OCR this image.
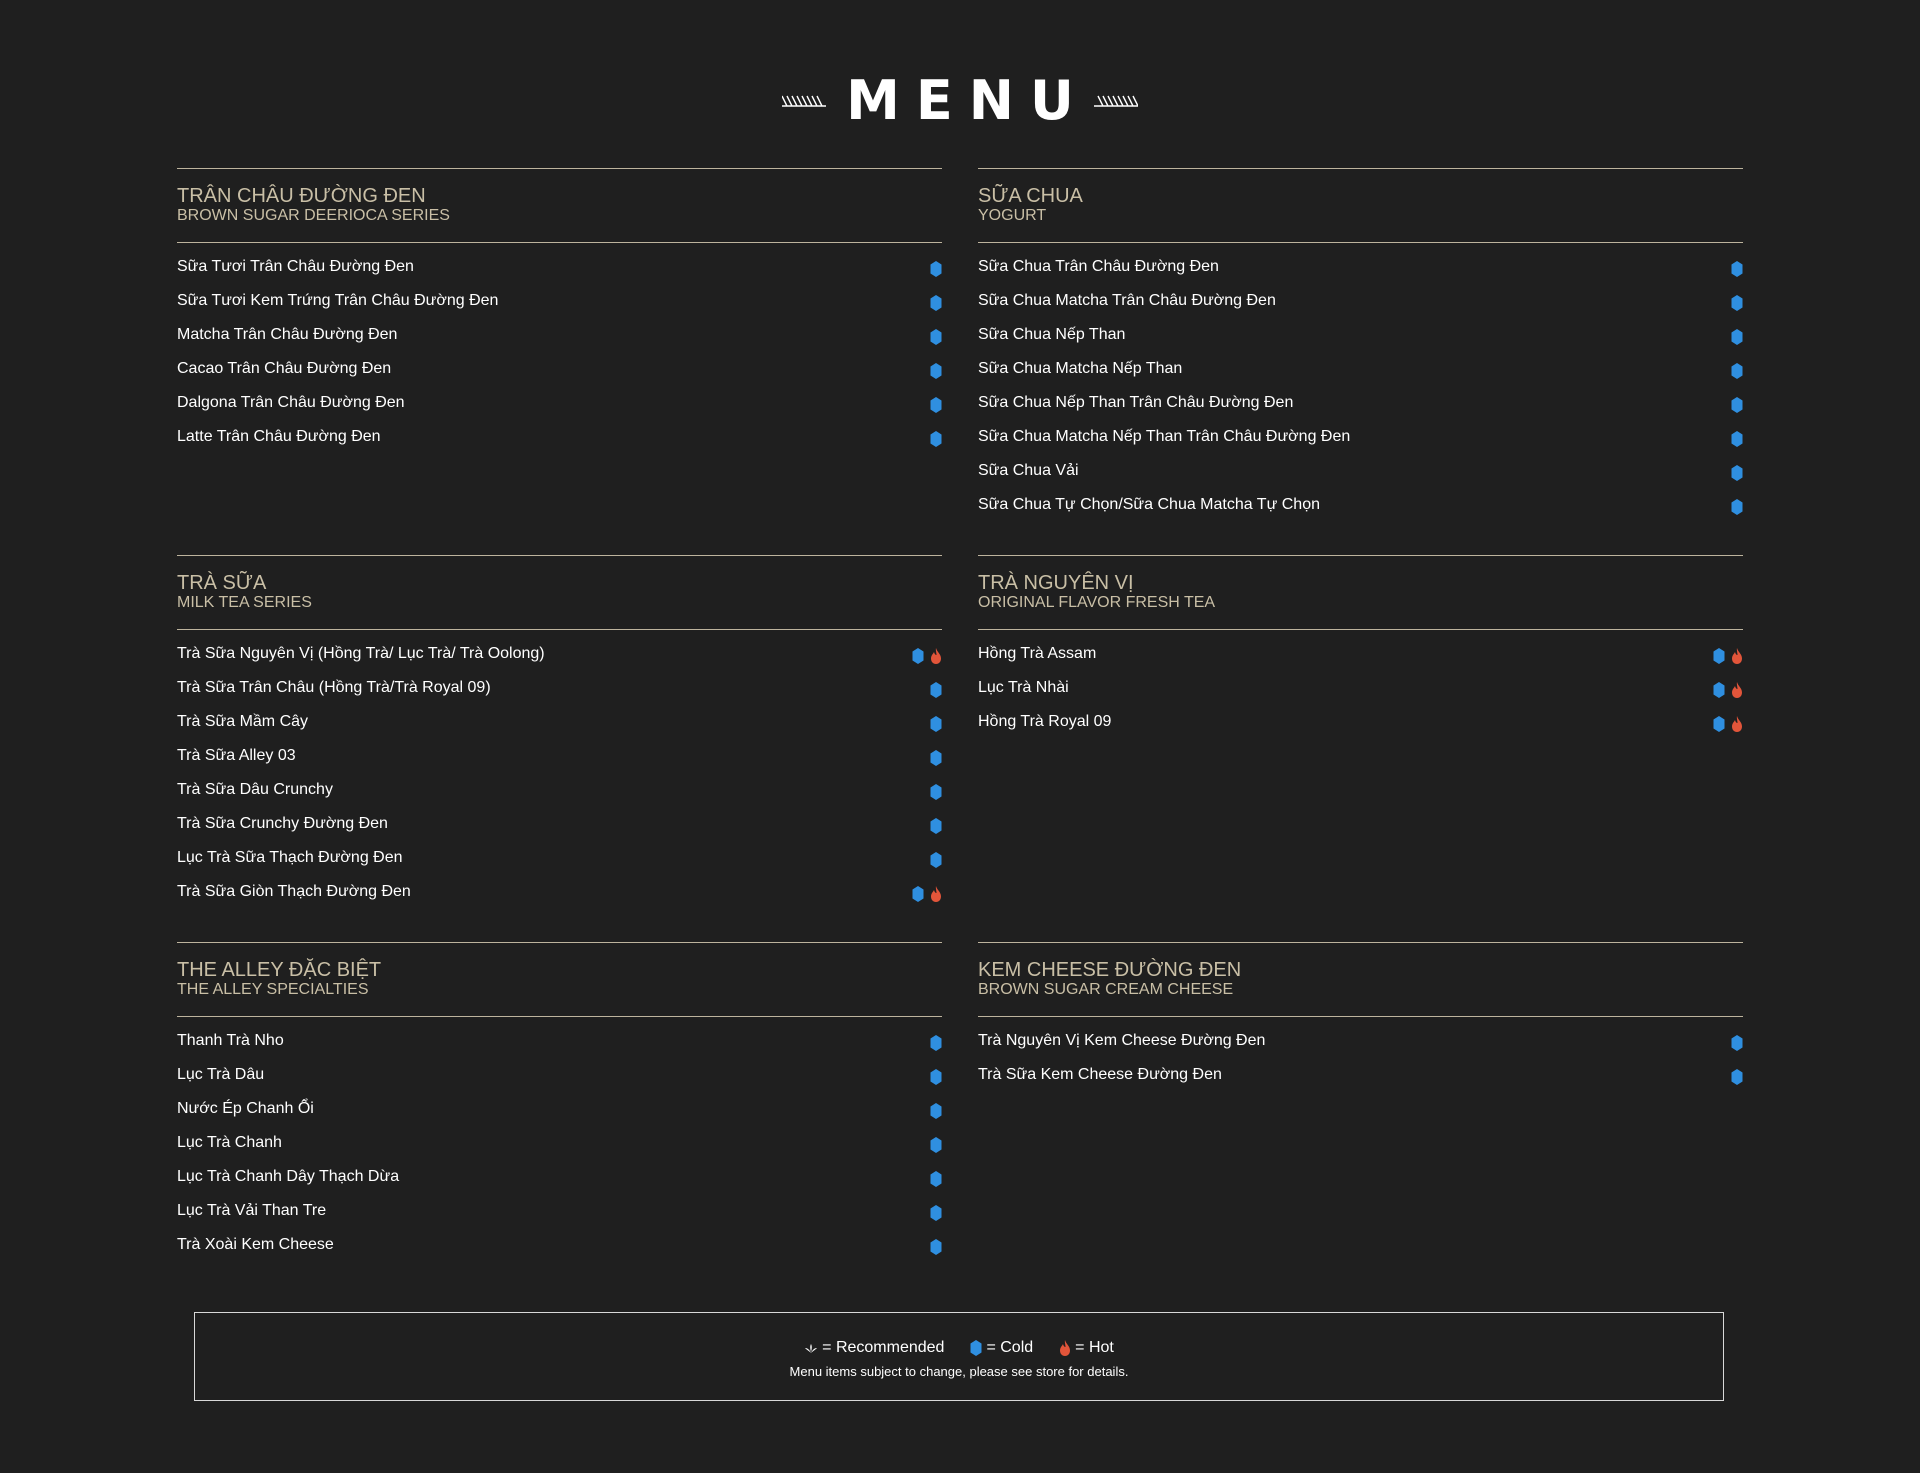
MENU
TRÂN CHÂU ĐƯỜNG ĐEN
BROWN SUGAR DEERIOCA SERIES
Sữa Tươi Trân Châu Đường Đen
Sữa Tươi Kem Trứng Trân Châu Đường Đen
Matcha Trân Châu Đường Đen
Cacao Trân Châu Đường Đen
Dalgona Trân Châu Đường Đen
Latte Trân Châu Đường Đen
SỮA CHUA
YOGURT
Sữa Chua Trân Châu Đường Đen
Sữa Chua Matcha Trân Châu Đường Đen
Sữa Chua Nếp Than
Sữa Chua Matcha Nếp Than
Sữa Chua Nếp Than Trân Châu Đường Đen
Sữa Chua Matcha Nếp Than Trân Châu Đường Đen
Sữa Chua Vải
Sữa Chua Tự Chọn/Sữa Chua Matcha Tự Chọn
TRÀ SỮA
MILK TEA SERIES
Trà Sữa Nguyên Vị (Hồng Trà/ Lục Trà/ Trà Oolong)
Trà Sữa Trân Châu (Hồng Trà/Trà Royal 09)
Trà Sữa Mầm Cây
Trà Sữa Alley 03
Trà Sữa Dâu Crunchy
Trà Sữa Crunchy Đường Đen
Lục Trà Sữa Thạch Đường Đen
Trà Sữa Giòn Thạch Đường Đen
TRÀ NGUYÊN VỊ
ORIGINAL FLAVOR FRESH TEA
Hồng Trà Assam
Lục Trà Nhài
Hồng Trà Royal 09
THE ALLEY ĐẶC BIỆT
THE ALLEY SPECIALTIES
Thanh Trà Nho
Lục Trà Dâu
Nước Ép Chanh Ổi
Lục Trà Chanh
Lục Trà Chanh Dây Thạch Dừa
Lục Trà Vải Than Tre
Trà Xoài Kem Cheese
KEM CHEESE ĐƯỜNG ĐEN
BROWN SUGAR CREAM CHEESE
Trà Nguyên Vị Kem Cheese Đường Đen
Trà Sữa Kem Cheese Đường Đen
= Recommended	= Cold	= Hot
Menu items subject to change, please see store for details.
